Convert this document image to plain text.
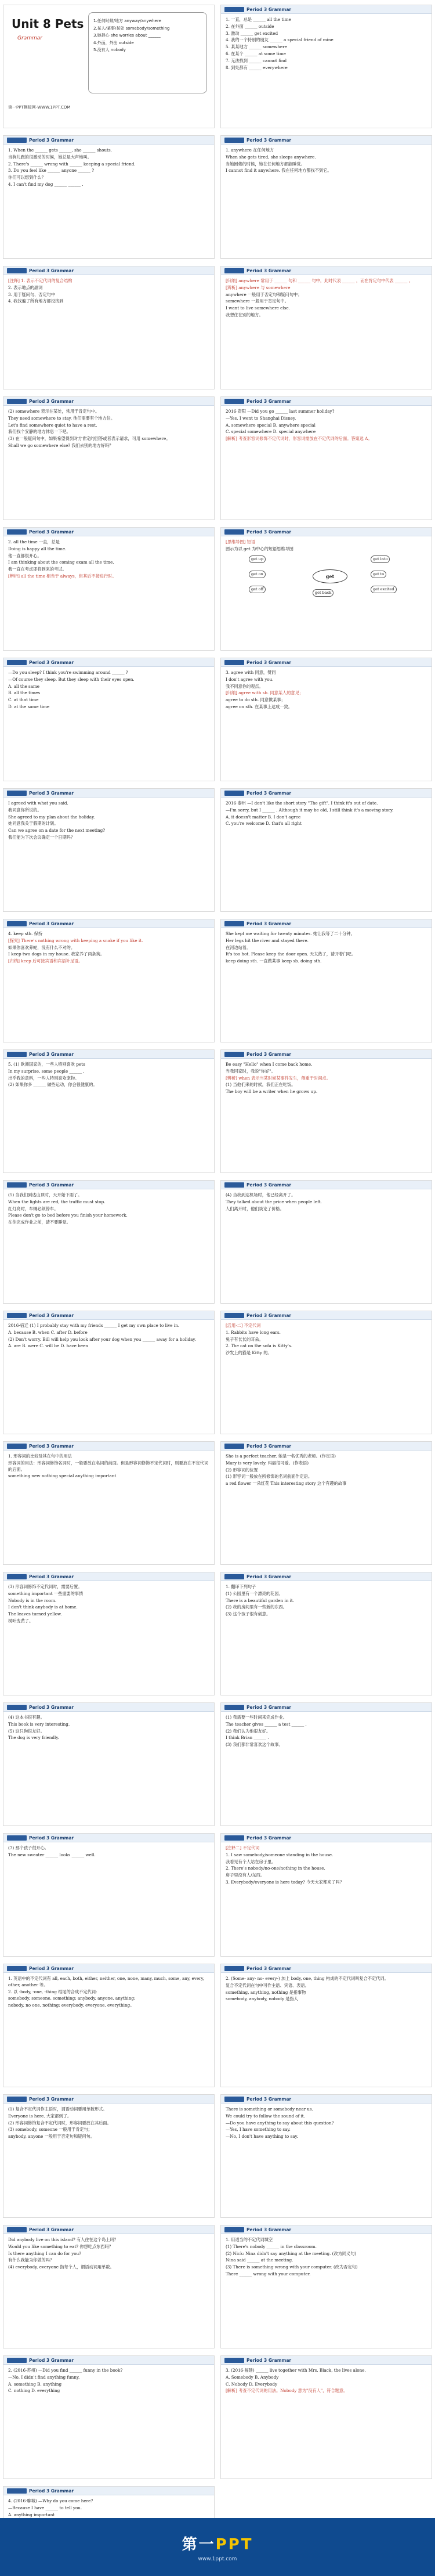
Unit 8 Pets
Grammar
第一PPT模板网-WWW.1PPT.COM

1.任何时候/地方 anyway/anywhere

2.某人/某事/某处 somebody/something

3.她担心 she worries about ______

4.外面，外出 outside

5.没有人 nobody

Period 3 Grammar

1. 一直，总是 ______ all the time

2. 在外面 ______ outside

3. 激动 ______ get excited

4. 我的一个特别的朋友 ______ a special friend of mine

5. 某某地方 ______ somewhere

6. 在某个 ______ at some time

7. 无法找到 ______ cannot find

8. 到处都有 ______ everywhere

Period 3 Grammar

1. When the ______ gets ______, she ______ shouts.

当狗儿跑的很激动的时候，她总是大声地叫。

2. There's ______ wrong with ______ keeping a special friend.

3. Do you feel like ______ anyone ______ ?

你们可以想到什么？

4. I can't find my dog ______ ______ .

Period 3 Grammar

1. anywhere 在任何地方

When she gets tired, she sleeps anywhere.

当她困倦的时候，她在任何地方都能睡觉。

I cannot find it anywhere. 我在任何地方都找不到它。

Period 3 Grammar

[注释] 1. 表示不定代词的复合结构

2. 表示地点的副词

3. 用于疑问句、否定句中

4. 我找遍了所有地方都没找到

Period 3 Grammar

[归纳] anywhere 常用于 ______ 句和 ______ 句中，此时代表 ______ ，而在肯定句中代表 ______ 。

[辨析] anywhere 与 somewhere

anywhere 一般用于否定句和疑问句中；

somewhere 一般用于肯定句中。

I want to live somewhere else.

我想住在别的地方。

Period 3 Grammar

(2) somewhere 表示在某处，常用于肯定句中。

They need somewhere to stay. 他们需要有个地方住。

Let's find somewhere quiet to have a rest.

我们找个安静的地方休息一下吧。

(3) 在一般疑问句中，如果希望得到对方肯定的回答或者表示请求，可用 somewhere。

Shall we go somewhere else? 我们去别的地方好吗？

Period 3 Grammar

2016·资阳 —Did you go ______ last summer holiday?

—Yes. I went to Shanghai Disney.

A. somewhere special B. anywhere special

C. special somewhere D. special anywhere

[解析] 考查形容词修饰不定代词时，形容词需放在不定代词的后面。答案选 A。

Period 3 Grammar

2. all the time 一直，总是

Doing is happy all the time.

他一直都很开心。

I am thinking about the coming exam all the time.

我一直在考虑即将到来的考试。

[辨析] all the time 相当于 always，但其后不接进行时。

Period 3 Grammar

[思维导图] 短语

图示为以 get 为中心的短语思维导图

get
get up
get on
get off
get into
get to
get excited
get back
Period 3 Grammar

—Do you sleep? I think you're swimming around ______ ?

—Of course they sleep. But they sleep with their eyes open.

A. all the same

B. all the times

C. at that time

D. at the same time

Period 3 Grammar

3. agree with 同意，赞同

I don't agree with you.

我不同意你的观点。

[归纳] agree with sb. 同意某人的意见；

agree to do sth. 同意做某事；

agree on sth. 在某事上达成一致。

Period 3 Grammar

I agreed with what you said.

我同意你所说的。

She agreed to my plan about the holiday.

她同意我关于假期的计划。

Can we agree on a date for the next meeting?

我们能为下次会议确定一个日期吗？

Period 3 Grammar

2016·泰州 —I don't like the short story "The gift". I think it's out of date.

—I'm sorry, but I ______ . Although it may be old, I still think it's a moving story.

A. it doesn't matter B. I don't agree

C. you're welcome D. that's all right

Period 3 Grammar

4. keep sth. 保持

[探究] There's nothing wrong with keeping a snake if you like it.

如果你喜欢养蛇，没有什么不对的。

I keep two dogs in my house. 我家养了两条狗。

[归纳] keep 后可接宾语和宾语补足语。

Period 3 Grammar

She kept me waiting for twenty minutes. 她让我等了二十分钟。

Her legs hit the river and stayed there.

在河边站着。

It's too hot. Please keep the door open. 天太热了，请开着门吧。

keep doing sth. 一直做某事 keep sb. doing sth.

Period 3 Grammar

5. (1) 欧洲国家的，一些人特别喜欢 pets

In my surprise, some people ______ .

出乎我的意料，一些人特别喜欢宠物。

(2) 如果你多 ______ 做些运动，你会很健康的。

Period 3 Grammar

Be easy "Hello" when I come back home.

当我回家时，我说"你好"。

[辨析] when 表示当某时候某事件发生，侧重于时间点。

(1) 当他们来的时候，我们正在吃饭。

The boy will be a writer when he grows up.

Period 3 Grammar

(5) 当我们到达山顶时，天开始下雨了。

When the lights are red, the traffic must stop.

红灯亮时，车辆必须停车。

Please don't go to bed before you finish your homework.

在你完成作业之前，请不要睡觉。

Period 3 Grammar

(4) 当我到达机场时，他已经离开了。

They talked about the price when people left.

人们离开时，他们谈论了价格。

Period 3 Grammar

2016·宿迁 (1) I probably stay with my friends ______ I get my own place to live in.

A. because B. when C. after D. before

(2) Don't worry. Bill will help you look after your dog when you ______ away for a holiday.

A. are B. were C. will be D. have been

Period 3 Grammar

[活用·二] 不定代词

1. Rabbits have long ears.

兔子有长长的耳朵。

2. The cat on the sofa is Kitty's.

沙发上的猫是 Kitty 的。

Period 3 Grammar

1. 形容词的比较及其在句中的用法

形容词的用法：形容词修饰名词时，一般要放在名词的前面。但是形容词修饰不定代词时，则要放在不定代词的后面。

something new nothing special anything important

Period 3 Grammar

She is a perfect teacher. 她是一名优秀的老师。(作定语)

Mary is very lovely. 玛丽很可爱。(作表语)

(2) 形容词的位置

(1) 形容词一般放在所修饰的名词前面作定语。

a red flower 一朵红花 This interesting story 这个有趣的故事

Period 3 Grammar

(3) 形容词修饰不定代词时，需要后置。

something important 一些重要的事情

Nobody is in the room.

I don't think anybody is at home.

The leaves turned yellow.

树叶变黄了。

Period 3 Grammar

1. 翻译下列句子

(1) 公园里有一个漂亮的花园。

There is a beautiful garden in it.

(2) 我的房间里有一些新的东西。

(3) 这个孩子很有创意。

Period 3 Grammar

(4) 这本书很有趣。

This book is very interesting.

(5) 这只狗很友好。

The dog is very friendly.

Period 3 Grammar

(1) 我需要一些时间来完成作业。

The teacher gives ______ a test ______ .

(2) 我们认为他很友好。

I think Brian ______ .

(3) 我们都非常喜欢这个故事。

Period 3 Grammar

(7) 那个孩子很开心。

The new sweater ______ looks ______ well.

Period 3 Grammar

[注释二] 不定代词

1. I saw somebody/someone standing in the house.

我看见有个人站在房子里。

2. There's nobody/no-one/nothing in the house.

房子里没有人/东西。

3. Everybody/everyone is here today? 今天大家都来了吗？

Period 3 Grammar

1. 英语中的不定代词有 all, each, both, either, neither, one, none, many, much, some, any, every, other, another 等。

2. 以 -body, -one, -thing 结尾的合成不定代词：

somebody, someone, something; anybody, anyone, anything;

nobody, no one, nothing; everybody, everyone, everything。

Period 3 Grammar

2. (Some- any- no- every-) 加上 body, one, thing 构成的不定代词叫复合不定代词。

复合不定代词在句中可作主语、宾语、表语。

something, anything, nothing 是指事物

somebody, anybody, nobody 是指人

Period 3 Grammar

(1) 复合不定代词作主语时，谓语动词要用单数形式。

Everyone is here. 大家都到了。

(2) 形容词修饰复合不定代词时，形容词要放在其后面。

(3) somebody, someone 一般用于肯定句；

anybody, anyone 一般用于否定句和疑问句。

Period 3 Grammar

There is something or somebody near us.

We could try to follow the sound of it.

—Do you have anything to say about this question?

—Yes, I have something to say.

—No, I don't have anything to say.

Period 3 Grammar

Did anybody live on this island? 有人住在这个岛上吗？

Would you like something to eat? 你想吃点东西吗？

Is there anything I can do for you?

有什么我能为你做的吗？

(4) everybody, everyone 指每个人，谓语动词用单数。

Period 3 Grammar

1. 用适当的不定代词填空

(1) There's nobody ______ in the classroom.

(2) Nick: Nina didn't say anything at the meeting. (改为同义句)

Nina said ______ at the meeting.

(3) There is something wrong with your computer. (改为否定句)

There ______ wrong with your computer.

Period 3 Grammar

2. (2016·苏州) —Did you find ______ funny in the book?

—No, I didn't find anything funny.

A. something B. anything

C. nothing D. everything

Period 3 Grammar

3. (2016·福建) ______ live together with Mrs. Black, the lives alone.

A. Somebody B. Anybody

C. Nobody D. Everybody

[解析] 考查不定代词的用法。Nobody 意为"没有人"，符合题意。

Period 3 Grammar

4. (2016·聊城) —Why do you come here?

—Because I have ______ to tell you.

A. anything important

第一PPT
www.1ppt.com
